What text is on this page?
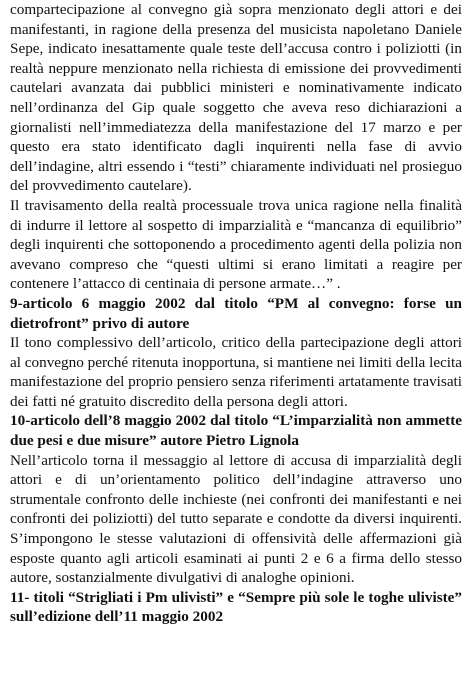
compartecipazione al convegno già sopra menzionato degli attori e dei manifestanti, in ragione della presenza del musicista napoletano Daniele Sepe, indicato inesattamente quale teste dell’accusa contro i poliziotti (in realtà neppure menzionato nella richiesta di emissione dei provvedimenti cautelari avanzata dai pubblici ministeri e nominativamente indicato nell’ordinanza del Gip quale soggetto che aveva reso dichiarazioni a giornalisti nell’immediatezza della manifestazione del 17 marzo e per questo era stato identificato dagli inquirenti nella fase di avvio dell’indagine, altri essendo i “testi” chiaramente individuati nel prosieguo del provvedimento cautelare).

Il travisamento della realtà processuale trova unica ragione nella finalità di indurre il lettore al sospetto di imparzialità e “mancanza di equilibrio” degli inquirenti che sottoponendo a procedimento agenti della polizia non avevano compreso che “questi ultimi si erano limitati a reagire per contenere l’attacco di centinaia di persone armate…” .

9-articolo 6 maggio 2002 dal titolo “PM al convegno: forse un dietrofront” privo di autore

Il tono complessivo dell’articolo, critico della partecipazione degli attori al convegno perché ritenuta inopportuna, si mantiene nei limiti della lecita manifestazione del proprio pensiero senza riferimenti artatamente travisati dei fatti né gratuito discredito della persona degli attori.

10-articolo dell’8 maggio 2002 dal titolo “L’imparzialità non ammette due pesi e due misure” autore Pietro Lignola

Nell’articolo torna il messaggio al lettore di accusa di imparzialità degli attori e di un’orientamento politico dell’indagine attraverso uno strumentale confronto delle inchieste (nei confronti dei manifestanti e nei confronti dei poliziotti) del tutto separate e condotte da diversi inquirenti. S’impongono le stesse valutazioni di offensività delle affermazioni già esposte quanto agli articoli esaminati ai punti 2 e 6 a firma dello stesso autore, sostanzialmente divulgativi di analoghe opinioni.

11- titoli “Strigliati i Pm ulivisti” e “Sempre più sole le toghe uliviste” sull’edizione dell’11 maggio 2002
